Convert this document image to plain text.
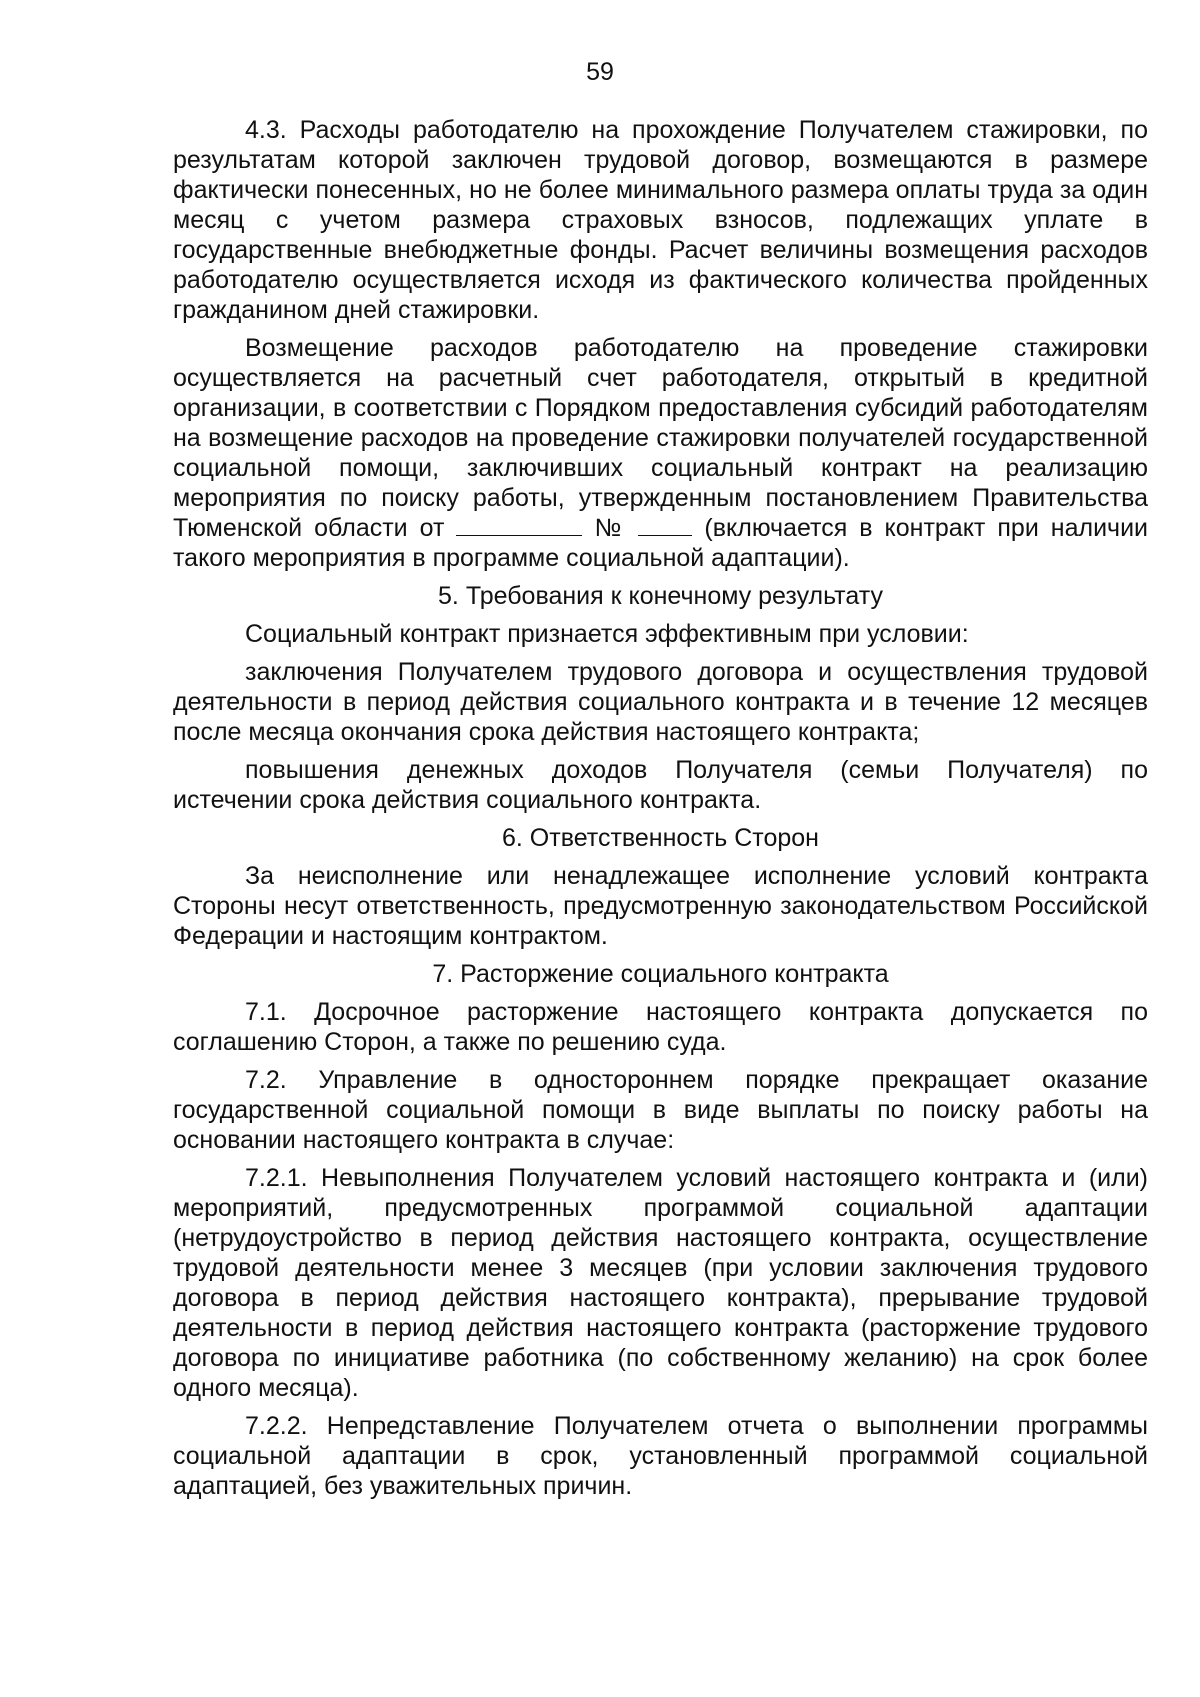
59

4.3. Расходы работодателю на прохождение Получателем стажировки, по результатам которой заключен трудовой договор, возмещаются в размере фактически понесенных, но не более минимального размера оплаты труда за один месяц с учетом размера страховых взносов, подлежащих уплате в государственные внебюджетные фонды. Расчет величины возмещения расходов работодателю осуществляется исходя из фактического количества пройденных гражданином дней стажировки.

Возмещение расходов работодателю на проведение стажировки осуществляется на расчетный счет работодателя, открытый в кредитной организации, в соответствии с Порядком предоставления субсидий работодателям на возмещение расходов на проведение стажировки получателей государственной социальной помощи, заключивших социальный контракт на реализацию мероприятия по поиску работы, утвержденным постановлением Правительства Тюменской области от	№	(включается в контракт при наличии такого мероприятия в программе социальной адаптации).

5. Требования к конечному результату

Социальный контракт признается эффективным при условии:

заключения Получателем трудового договора и осуществления трудовой деятельности в период действия социального контракта и в течение 12 месяцев после месяца окончания срока действия настоящего контракта;

повышения денежных доходов Получателя (семьи Получателя) по истечении срока действия социального контракта.

6. Ответственность Сторон

За неисполнение или ненадлежащее исполнение условий контракта Стороны несут ответственность, предусмотренную законодательством Российской Федерации и настоящим контрактом.

7. Расторжение социального контракта

7.1. Досрочное расторжение настоящего контракта допускается по соглашению Сторон, а также по решению суда.

7.2. Управление в одностороннем порядке прекращает оказание государственной социальной помощи в виде выплаты по поиску работы на основании настоящего контракта в случае:

7.2.1. Невыполнения Получателем условий настоящего контракта и (или) мероприятий, предусмотренных программой социальной адаптации (нетрудоустройство в период действия настоящего контракта, осуществление трудовой деятельности менее 3 месяцев (при условии заключения трудового договора в период действия настоящего контракта), прерывание трудовой деятельности в период действия настоящего контракта (расторжение трудового договора по инициативе работника (по собственному желанию) на срок более одного месяца).

7.2.2. Непредставление Получателем отчета о выполнении программы социальной адаптации в срок, установленный программой социальной адаптацией, без уважительных причин.
